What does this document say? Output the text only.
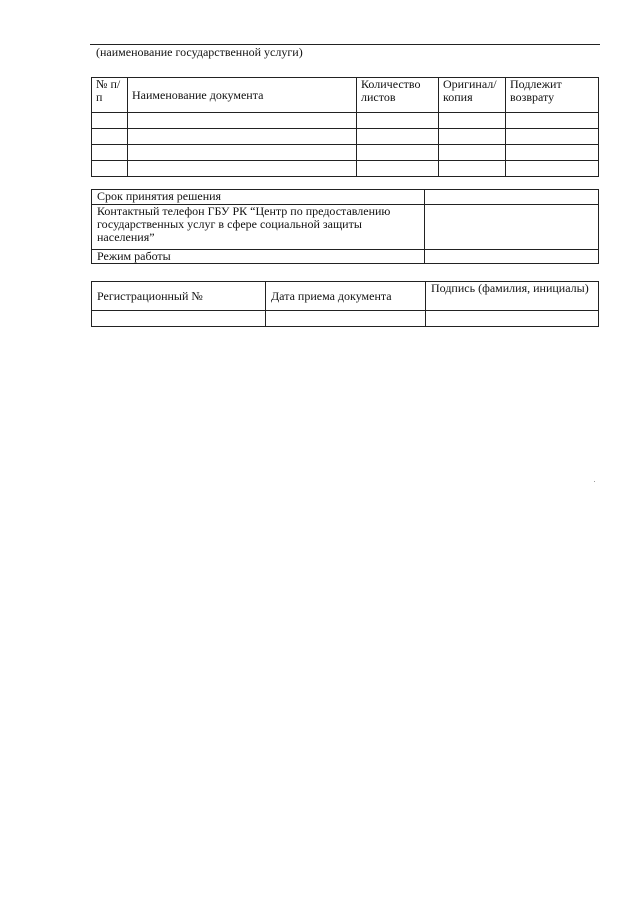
(наименование государственной услуги)
№ п/п	Наименование документа	Количество листов	Оригинал/ копия	Подлежит возврату

Срок принятия решения	
Контактный телефон ГБУ РК “Центр по предоставлению государственных услуг в сфере социальной защиты населения”	
Режим работы	
Регистрационный №	Дата приема документа	Подпись (фамилия, инициалы)
